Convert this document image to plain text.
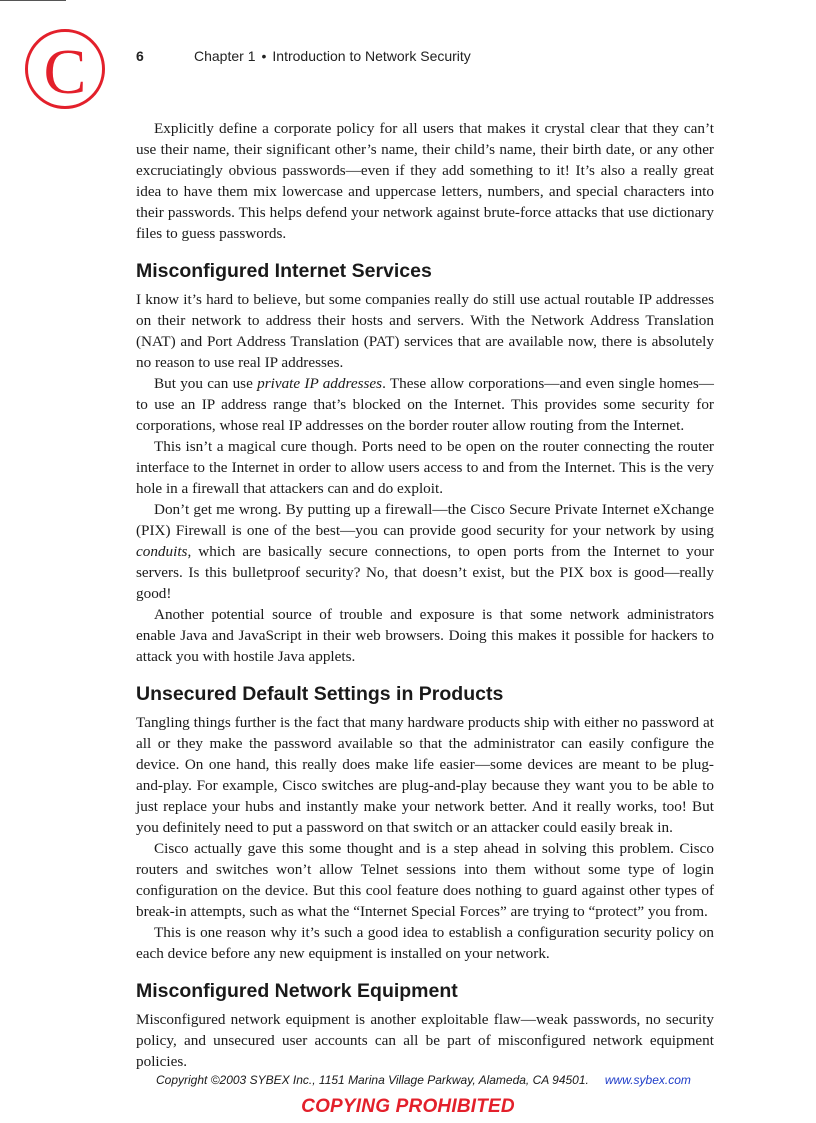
C	6	Chapter 1 • Introduction to Network Security

Explicitly define a corporate policy for all users that makes it crystal clear that they can’t use their name, their significant other’s name, their child’s name, their birth date, or any other excruciatingly obvious passwords—even if they add something to it! It’s also a really great idea to have them mix lowercase and uppercase letters, numbers, and special characters into their passwords. This helps defend your network against brute-force attacks that use dictionary files to guess passwords.

Misconfigured Internet Services

I know it’s hard to believe, but some companies really do still use actual routable IP addresses on their network to address their hosts and servers. With the Network Address Translation (NAT) and Port Address Translation (PAT) services that are available now, there is absolutely no reason to use real IP addresses.

But you can use private IP addresses. These allow corporations—and even single homes—to use an IP address range that’s blocked on the Internet. This provides some security for corporations, whose real IP addresses on the border router allow routing from the Internet.

This isn’t a magical cure though. Ports need to be open on the router connecting the router interface to the Internet in order to allow users access to and from the Internet. This is the very hole in a firewall that attackers can and do exploit.

Don’t get me wrong. By putting up a firewall—the Cisco Secure Private Internet eXchange (PIX) Firewall is one of the best—you can provide good security for your network by using conduits, which are basically secure connections, to open ports from the Internet to your servers. Is this bulletproof security? No, that doesn’t exist, but the PIX box is good—really good!

Another potential source of trouble and exposure is that some network administrators enable Java and JavaScript in their web browsers. Doing this makes it possible for hackers to attack you with hostile Java applets.

Unsecured Default Settings in Products

Tangling things further is the fact that many hardware products ship with either no password at all or they make the password available so that the administrator can easily configure the device. On one hand, this really does make life easier—some devices are meant to be plug-and-play. For example, Cisco switches are plug-and-play because they want you to be able to just replace your hubs and instantly make your network better. And it really works, too! But you definitely need to put a password on that switch or an attacker could easily break in.

Cisco actually gave this some thought and is a step ahead in solving this problem. Cisco routers and switches won’t allow Telnet sessions into them without some type of login configuration on the device. But this cool feature does nothing to guard against other types of break-in attempts, such as what the “Internet Special Forces” are trying to “protect” you from.

This is one reason why it’s such a good idea to establish a configuration security policy on each device before any new equipment is installed on your network.

Misconfigured Network Equipment

Misconfigured network equipment is another exploitable flaw—weak passwords, no security policy, and unsecured user accounts can all be part of misconfigured network equipment policies.

Copyright ©2003 SYBEX Inc., 1151 Marina Village Parkway, Alameda, CA 94501. www.sybex.com
COPYING PROHIBITED
